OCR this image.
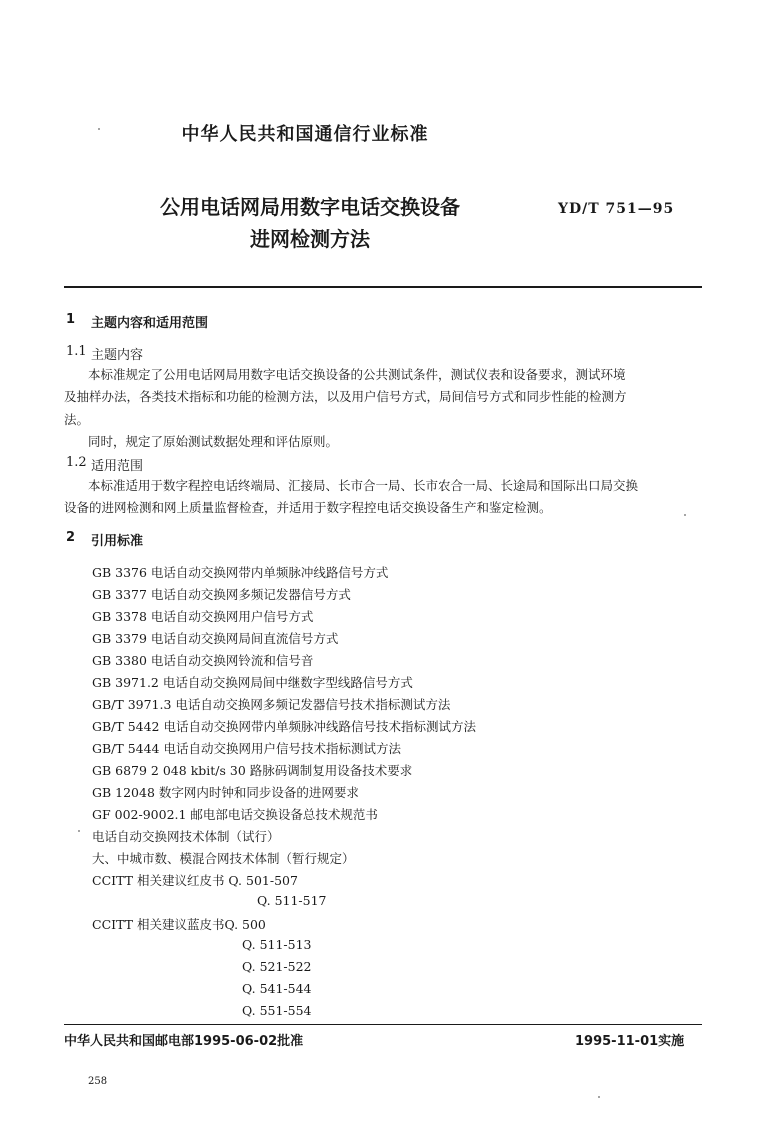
中华人民共和国通信行业标准
公用电话网局用数字电话交换设备
进网检测方法
YD/T 751—95
1 主题内容和适用范围
1.1 主题内容
本标准规定了公用电话网局用数字电话交换设备的公共测试条件，测试仪表和设备要求，测试环境
及抽样办法，各类技术指标和功能的检测方法，以及用户信号方式，局间信号方式和同步性能的检测方
法。
同时，规定了原始测试数据处理和评估原则。
1.2 适用范围
本标准适用于数字程控电话终端局、汇接局、长市合一局、长市农合一局、长途局和国际出口局交换
设备的进网检测和网上质量监督检查，并适用于数字程控电话交换设备生产和鉴定检测。
2 引用标准
GB 3376 电话自动交换网带内单频脉冲线路信号方式
GB 3377 电话自动交换网多频记发器信号方式
GB 3378 电话自动交换网用户信号方式
GB 3379 电话自动交换网局间直流信号方式
GB 3380 电话自动交换网铃流和信号音
GB 3971.2 电话自动交换网局间中继数字型线路信号方式
GB/T 3971.3 电话自动交换网多频记发器信号技术指标测试方法
GB/T 5442 电话自动交换网带内单频脉冲线路信号技术指标测试方法
GB/T 5444 电话自动交换网用户信号技术指标测试方法
GB 6879 2 048 kbit/s 30 路脉码调制复用设备技术要求
GB 12048 数字网内时钟和同步设备的进网要求
GF 002-9002.1 邮电部电话交换设备总技术规范书
电话自动交换网技术体制（试行）
大、中城市数、模混合网技术体制（暂行规定）
CCITT 相关建议红皮书 Q. 501-507
Q. 511-517
CCITT 相关建议蓝皮书Q. 500
Q. 511-513
Q. 521-522
Q. 541-544
Q. 551-554
中华人民共和国邮电部1995-06-02批准	1995-11-01实施
258
